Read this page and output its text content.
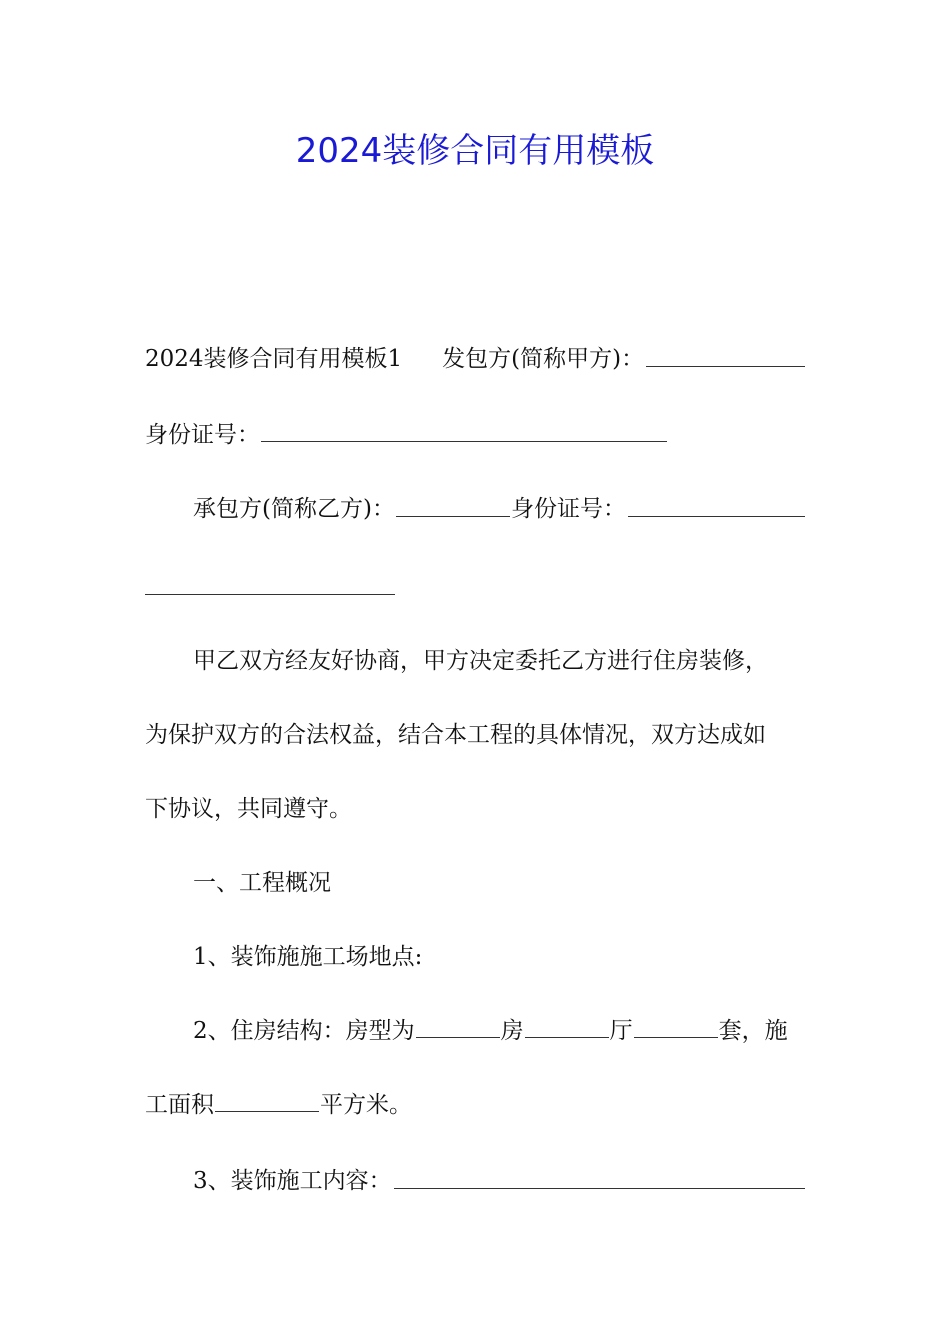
2024装修合同有用模板
2024装修合同有用模板1 发包方(简称甲方)：
身份证号：
承包方(简称乙方)：	身份证号：
甲乙双方经友好协商，甲方决定委托乙方进行住房装修，
为保护双方的合法权益，结合本工程的具体情况，双方达成如
下协议，共同遵守。
一、工程概况
1、装饰施施工场地点:
2、住房结构：房型为	房	厅	套，施
工面积	平方米。
3、装饰施工内容：
